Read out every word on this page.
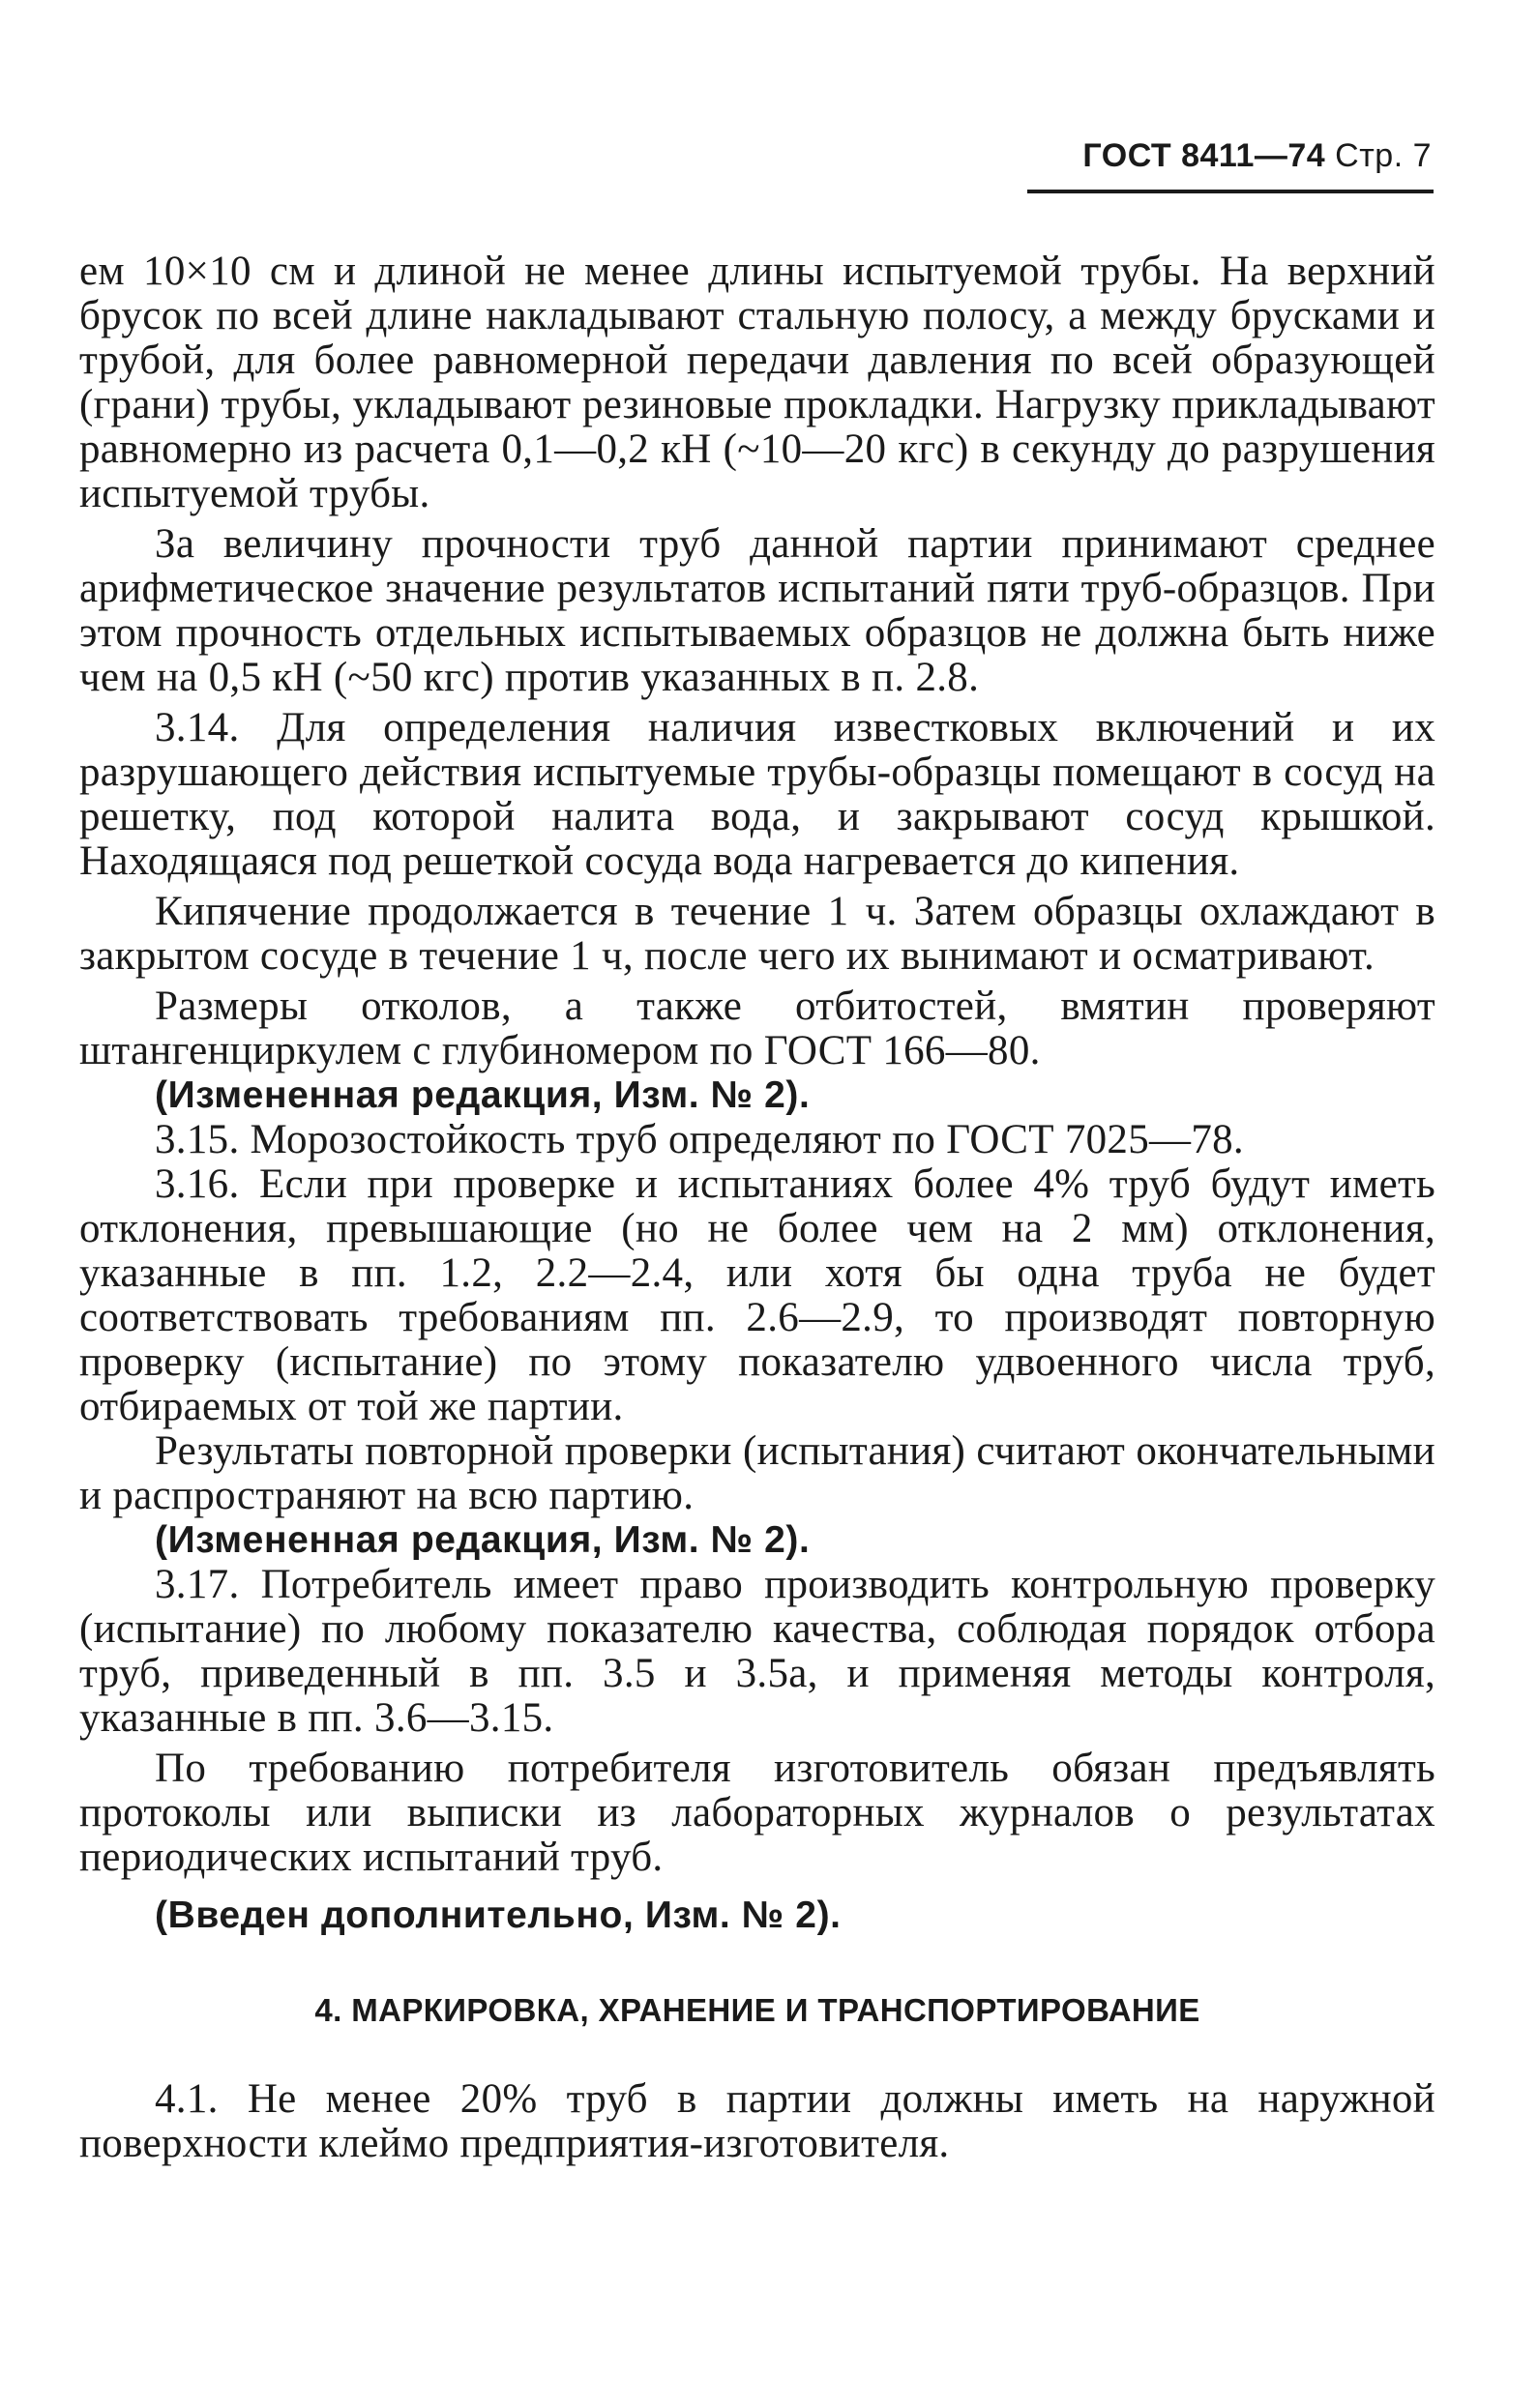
ГОСТ 8411—74 Стр. 7

ем 10×10 см и длиной не менее длины испытуемой трубы. На верхний брусок по всей длине накладывают стальную полосу, а между брусками и трубой, для более равномерной передачи давления по всей образующей (грани) трубы, укладывают резиновые прокладки. Нагрузку прикладывают равномерно из расчета 0,1—0,2 кН (~10—20 кгс) в секунду до разрушения испытуемой трубы.

За величину прочности труб данной партии принимают среднее арифметическое значение результатов испытаний пяти труб-образцов. При этом прочность отдельных испытываемых образцов не должна быть ниже чем на 0,5 кН (~50 кгс) против указанных в п. 2.8.

3.14. Для определения наличия известковых включений и их разрушающего действия испытуемые трубы-образцы помещают в сосуд на решетку, под которой налита вода, и закрывают сосуд крышкой. Находящаяся под решеткой сосуда вода нагревается до кипения.

Кипячение продолжается в течение 1 ч. Затем образцы охлаждают в закрытом сосуде в течение 1 ч, после чего их вынимают и осматривают.

Размеры отколов, а также отбитостей, вмятин проверяют штангенциркулем с глубиномером по ГОСТ 166—80.

(Измененная редакция, Изм. № 2).

3.15. Морозостойкость труб определяют по ГОСТ 7025—78.

3.16. Если при проверке и испытаниях более 4% труб будут иметь отклонения, превышающие (но не более чем на 2 мм) отклонения, указанные в пп. 1.2, 2.2—2.4, или хотя бы одна труба не будет соответствовать требованиям пп. 2.6—2.9, то производят повторную проверку (испытание) по этому показателю удвоенного числа труб, отбираемых от той же партии.

Результаты повторной проверки (испытания) считают окончательными и распространяют на всю партию.

(Измененная редакция, Изм. № 2).

3.17. Потребитель имеет право производить контрольную проверку (испытание) по любому показателю качества, соблюдая порядок отбора труб, приведенный в пп. 3.5 и 3.5а, и применяя методы контроля, указанные в пп. 3.6—3.15.

По требованию потребителя изготовитель обязан предъявлять протоколы или выписки из лабораторных журналов о результатах периодических испытаний труб.

(Введен дополнительно, Изм. № 2).

4. МАРКИРОВКА, ХРАНЕНИЕ И ТРАНСПОРТИРОВАНИЕ

4.1. Не менее 20% труб в партии должны иметь на наружной поверхности клеймо предприятия-изготовителя.
